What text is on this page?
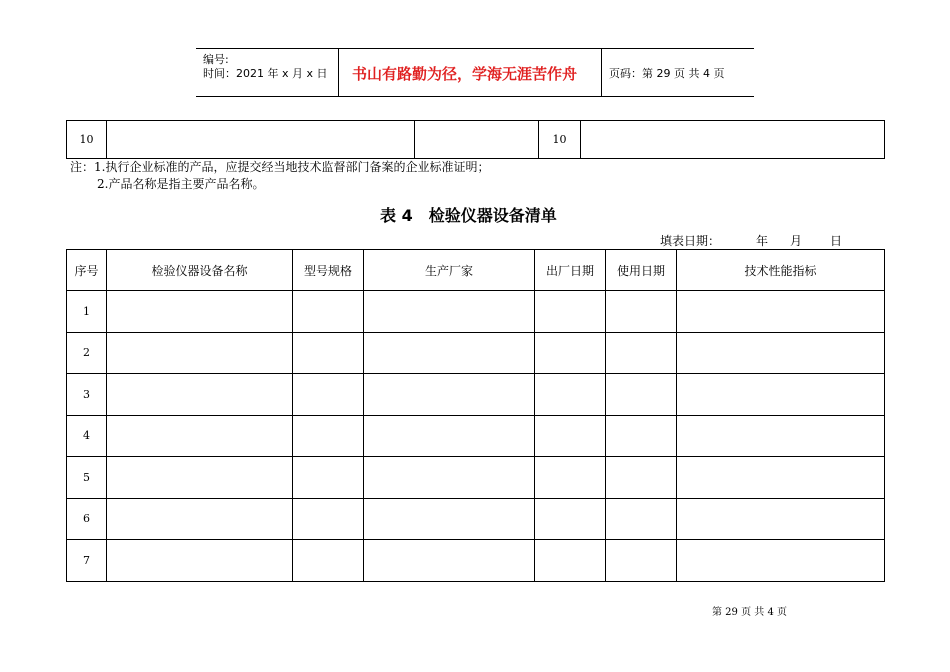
编号:
时间：2021 年 x 月 x 日 书山有路勤为径，学海无涯苦作舟	页码：第 29 页 共 4 页
10			10	
注：1.执行企业标准的产品，应提交经当地技术监督部门备案的企业标准证明；
2.产品名称是指主要产品名称。
表 4　检验仪器设备清单
填表日期：	年 月 日
序号	检验仪器设备名称	型号规格	生产厂家	出厂日期	使用日期	技术性能指标
1						
2						
3						
4						
5						
6						
7						
第 29 页 共 4 页
